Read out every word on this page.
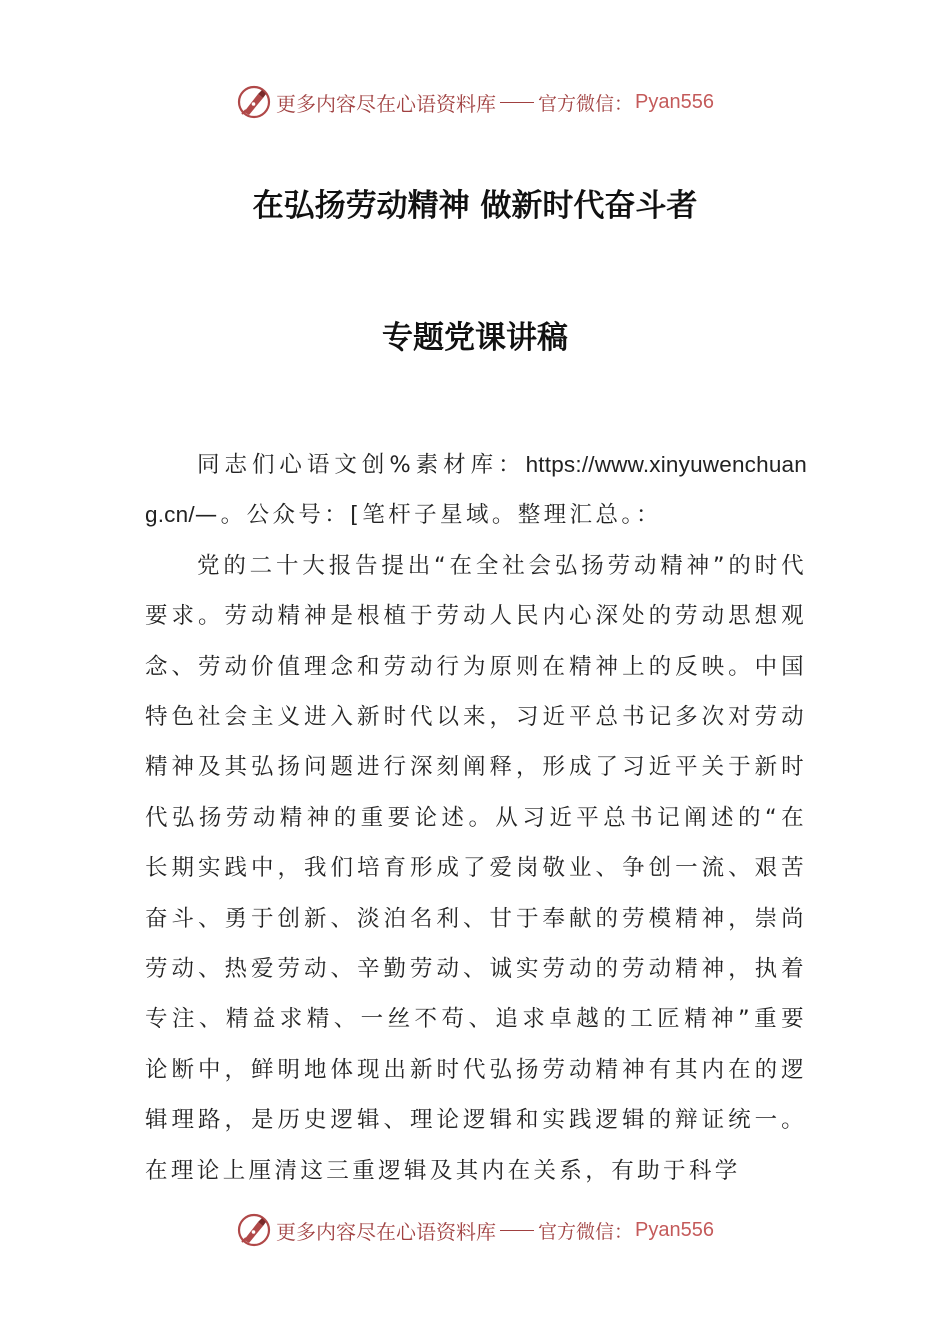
更多内容尽在心语资料库 官方微信： Pyan556
在弘扬劳动精神 做新时代奋斗者
专题党课讲稿

同志们心语文创%素材库：https://www.xinyuwenchuang.cn/—。公众号：[笔杆子星域。整理汇总。：

党的二十大报告提出“在全社会弘扬劳动精神”的时代要求。劳动精神是根植于劳动人民内心深处的劳动思想观念、劳动价值理念和劳动行为原则在精神上的反映。中国特色社会主义进入新时代以来，习近平总书记多次对劳动精神及其弘扬问题进行深刻阐释，形成了习近平关于新时代弘扬劳动精神的重要论述。从习近平总书记阐述的“在长期实践中，我们培育形成了爱岗敬业、争创一流、艰苦奋斗、勇于创新、淡泊名利、甘于奉献的劳模精神，崇尚劳动、热爱劳动、辛勤劳动、诚实劳动的劳动精神，执着专注、精益求精、一丝不苟、追求卓越的工匠精神”重要论断中，鲜明地体现出新时代弘扬劳动精神有其内在的逻辑理路，是历史逻辑、理论逻辑和实践逻辑的辩证统一。在理论上厘清这三重逻辑及其内在关系，有助于科学

更多内容尽在心语资料库 官方微信： Pyan556
